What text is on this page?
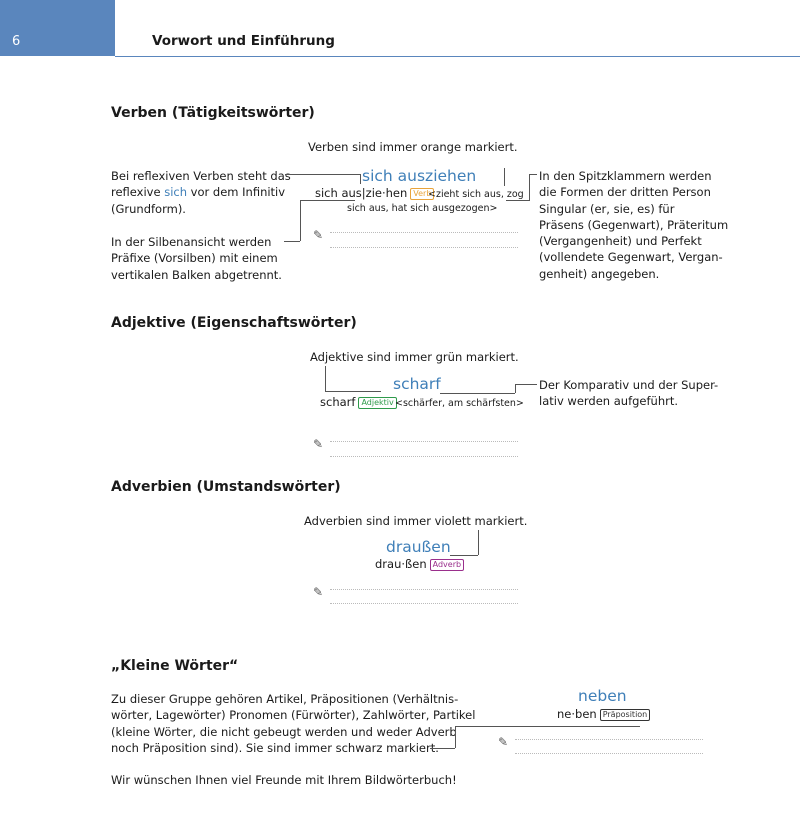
6	Vorwort und Einführung
Verben (Tätigkeitswörter)
Verben sind immer orange markiert.
Bei reflexiven Verben steht das
reflexive sich vor dem Infinitiv
(Grundform).
In der Silbenansicht werden
Präfixe (Vorsilben) mit einem
vertikalen Balken abgetrennt.
In den Spitzklammern werden
die Formen der dritten Person
Singular (er, sie, es) für
Präsens (Gegenwart), Präteritum
(Vergangenheit) und Perfekt
(vollendete Gegenwart, Vergan-
genheit) angegeben.
sich ausziehen
sich aus|zie·hen Verb
<zieht sich aus, zog
sich aus, hat sich ausgezogen>
✎
Adjektive (Eigenschaftswörter)
Adjektive sind immer grün markiert.
Der Komparativ und der Super-
lativ werden aufgeführt.
scharf
scharf Adjektiv <schärfer, am schärfsten>
✎
Adverbien (Umstandswörter)
Adverbien sind immer violett markiert.
draußen
drau·ßen Adverb
✎
„Kleine Wörter“
Zu dieser Gruppe gehören Artikel, Präpositionen (Verhältnis-
wörter, Lagewörter) Pronomen (Fürwörter), Zahlwörter, Partikel
(kleine Wörter, die nicht gebeugt werden und weder Adverb
noch Präposition sind). Sie sind immer schwarz markiert.
Wir wünschen Ihnen viel Freunde mit Ihrem Bildwörterbuch!
neben
ne·ben Präposition
✎
